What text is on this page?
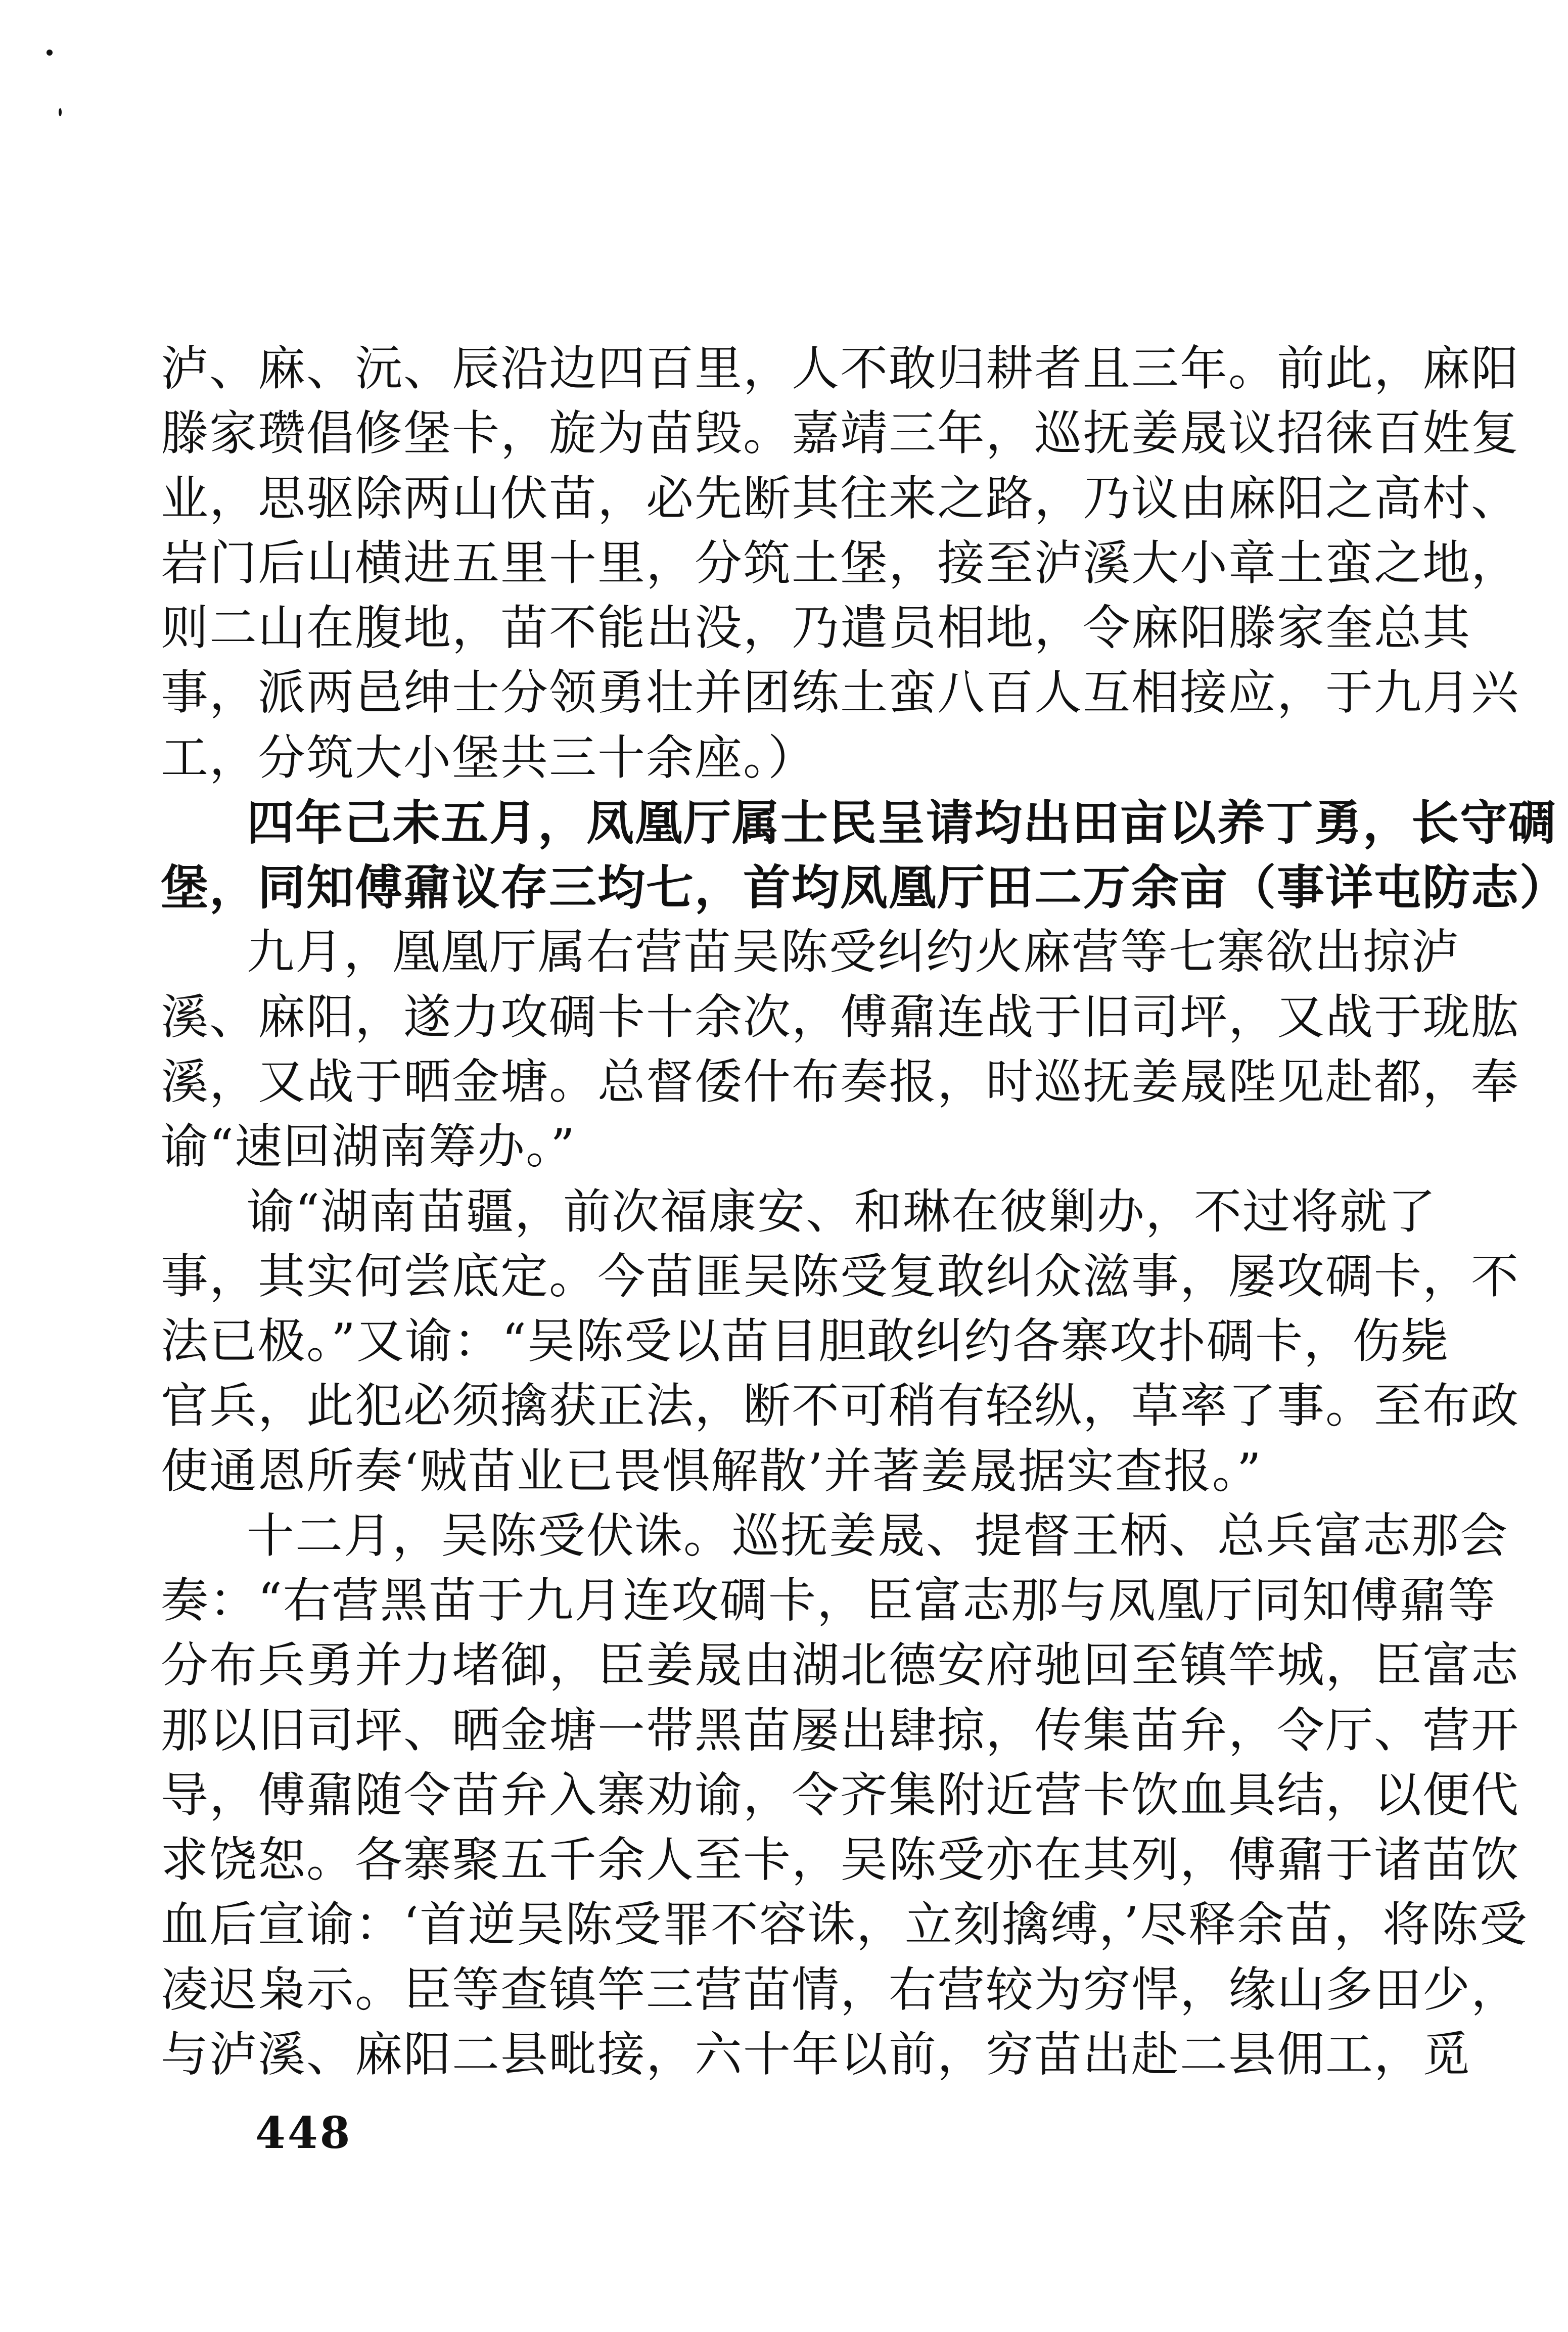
泸、麻、沅、辰沿边四百里，人不敢归耕者且三年。前此，麻阳
滕家瓒倡修堡卡，旋为苗毁。嘉靖三年，巡抚姜晟议招徕百姓复
业，思驱除两山伏苗，必先断其往来之路，乃议由麻阳之高村、
岩门后山横进五里十里，分筑土堡，接至泸溪大小章土蛮之地，
则二山在腹地，苗不能出没，乃遣员相地，令麻阳滕家奎总其
事，派两邑绅士分领勇壮并团练土蛮八百人互相接应，于九月兴
工，分筑大小堡共三十余座。）
四年己未五月，凤凰厅属士民呈请均出田亩以养丁勇，长守碉
堡，同知傅鼐议存三均七，首均凤凰厅田二万余亩（事详屯防志）
九月，凰凰厅属右营苗吴陈受纠约火麻营等七寨欲出掠泸
溪、麻阳，遂力攻碉卡十余次，傅鼐连战于旧司坪，又战于珑肱
溪，又战于晒金塘。总督倭什布奏报，时巡抚姜晟陛见赴都，奉
谕“速回湖南筹办。”
谕“湖南苗疆，前次福康安、和琳在彼剿办，不过将就了
事，其实何尝底定。今苗匪吴陈受复敢纠众滋事，屡攻碉卡，不
法已极。”又谕：“吴陈受以苗目胆敢纠约各寨攻扑碉卡，伤毙
官兵，此犯必须擒获正法，断不可稍有轻纵，草率了事。至布政
使通恩所奏‘贼苗业已畏惧解散’并著姜晟据实查报。”
十二月，吴陈受伏诛。巡抚姜晟、提督王柄、总兵富志那会
奏：“右营黑苗于九月连攻碉卡，臣富志那与凤凰厅同知傅鼐等
分布兵勇并力堵御，臣姜晟由湖北德安府驰回至镇竿城，臣富志
那以旧司坪、晒金塘一带黑苗屡出肆掠，传集苗弁，令厅、营开
导，傅鼐随令苗弁入寨劝谕，令齐集附近营卡饮血具结，以便代
求饶恕。各寨聚五千余人至卡，吴陈受亦在其列，傅鼐于诸苗饮
血后宣谕：‘首逆吴陈受罪不容诛，立刻擒缚，’尽释余苗，将陈受
凌迟枭示。臣等查镇竿三营苗情，右营较为穷悍，缘山多田少，
与泸溪、麻阳二县毗接，六十年以前，穷苗出赴二县佣工，觅
448
